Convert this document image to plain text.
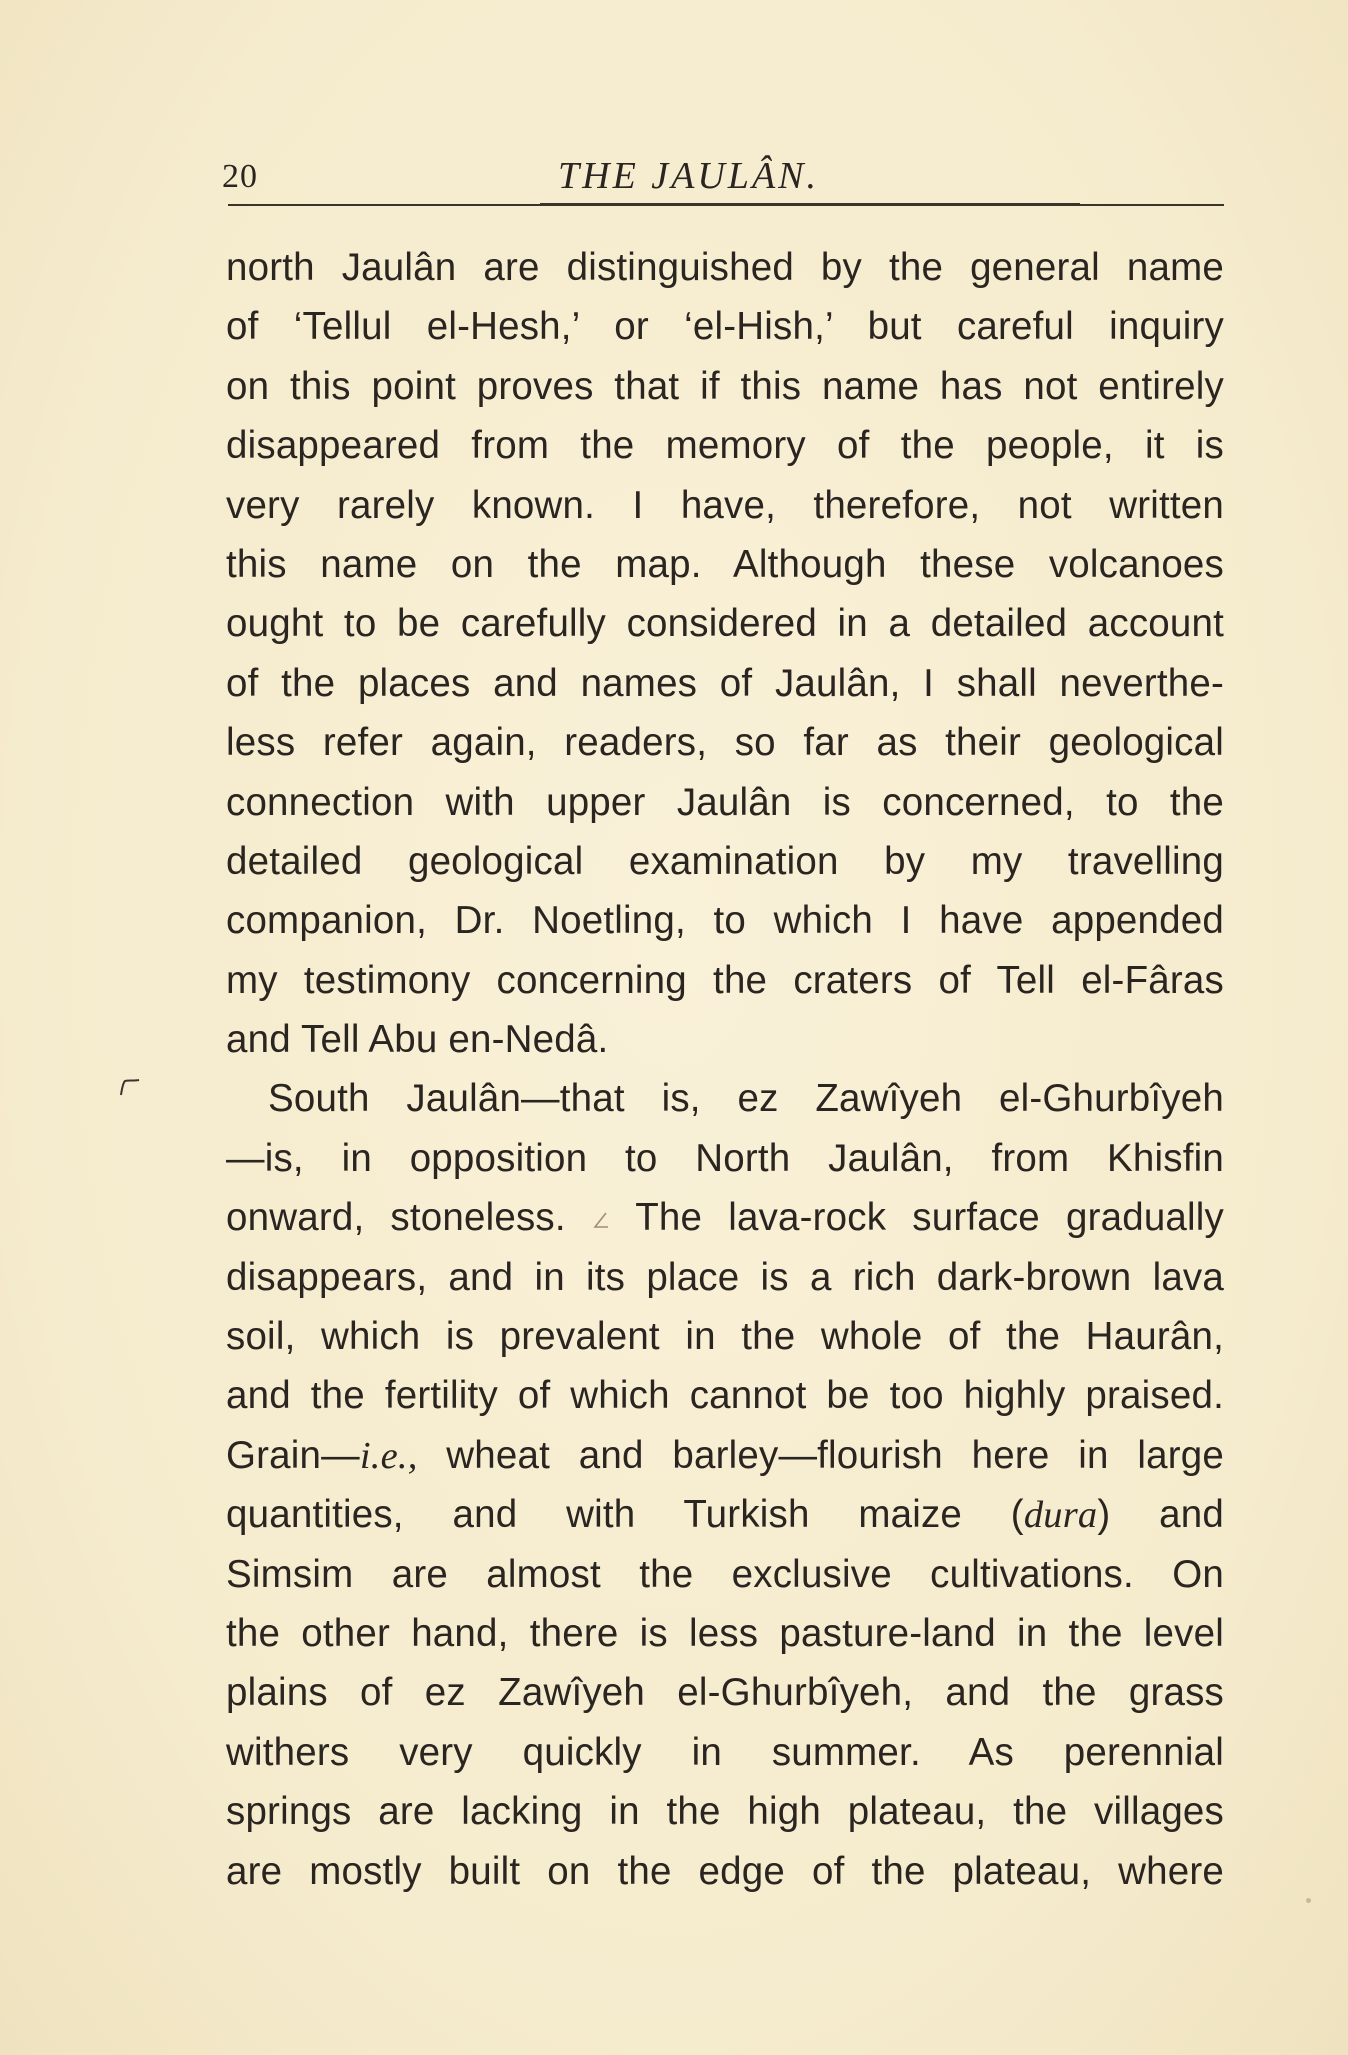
20	THE JAULÂN.
north Jaulân are distinguished by the general name
of ‘Tellul el-Hesh,’ or ‘el-Hish,’ but careful inquiry
on this point proves that if this name has not entirely
disappeared from the memory of the people, it is
very rarely known. I have, therefore, not written
this name on the map. Although these volcanoes
ought to be carefully considered in a detailed account
of the places and names of Jaulân, I shall neverthe-
less refer again, readers, so far as their geological
connection with upper Jaulân is concerned, to the
detailed geological examination by my travelling
companion, Dr. Noetling, to which I have appended
my testimony concerning the craters of Tell el-Fâras
and Tell Abu en-Nedâ.
South Jaulân—that is, ez Zawîyeh el-Ghurbîyeh
—is, in opposition to North Jaulân, from Khisfin
onward, stoneless. The lava-rock surface gradually
disappears, and in its place is a rich dark-brown lava
soil, which is prevalent in the whole of the Haurân,
and the fertility of which cannot be too highly praised.
Grain—i.e., wheat and barley—flourish here in large
quantities, and with Turkish maize (dura) and
Simsim are almost the exclusive cultivations. On
the other hand, there is less pasture-land in the level
plains of ez Zawîyeh el-Ghurbîyeh, and the grass
withers very quickly in summer. As perennial
springs are lacking in the high plateau, the villages
are mostly built on the edge of the plateau, where
